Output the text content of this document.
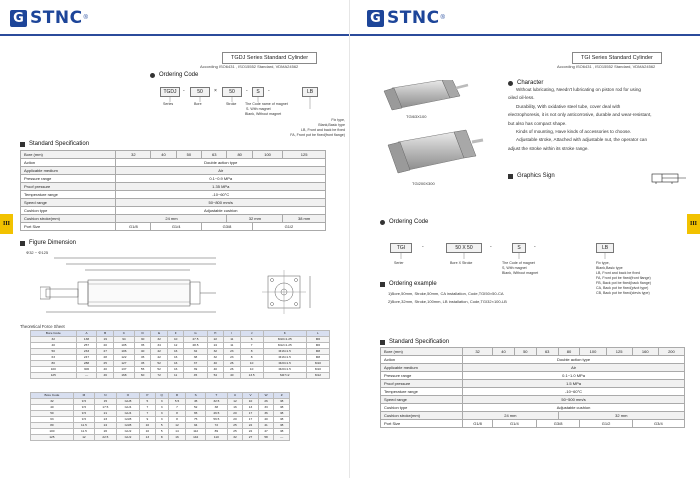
G STNC ®
TGDJ Series Standard Cylinder
According ISO6431 , ISO15552 Standard, VDMA24562
Ordering Code
TGDJ	-	50	×	50	-	S	-	LB
Series	Bore	Stroke The Code name of magnet
S. With magnet
Blank, Without magnet
Fix type,
Blank,Basic type
LB, Front and back be fixed
FA, Front pot be fixed(front flange)
Standard Specification
Bore (mm)	32	40	50	63	80	100	125
Action	Double action type						
Applicable medium	Air						
Pressure range	0.1~0.9 MPa						
Proof pressure	1.35 MPa						
Temperature range	-10~60°C						
Speed range	50~800 mm/s						
Cushion type	Adjustable cushion						
Cushion stroke(mm)	24 mm				32 mm		38 mm
Port Size	G1/8	G1/4		G3/8		G1/2	
III
Figure Dimension
Φ32 ~ Φ125
Theoretical Force Sheet
Bore Code	A	B	C	D	E	F	G	H	I	J	K	L
32	138	19	94	30	32	10	27.5	22	11	6	M10×1.25	M6
40	257	20	105	35	34	12	28.5	24	11	7	M12×1.25	M6
50	233	27	106	40	42	16	32	32	23	8	M16×1.5	M8
63	247	28	122	45	42	16	38	32	23	8	M16×1.5	M8
80	288	25	127	45	52	16	37	40	26	10	M20×1.5	M10
100	306	40	137	55	52	16	39	40	26	10	M20×1.5	M10
125	—	46	168	60	72	11	45	54	40	13.5	M27×2	M12
Bore Code	M	N	O	P	Q	R	S	T	U	V	W	Z
32	9.5	15	G1/8	5	3	5.5	45	32.5	12	10	26	38
40	9.5	17.5	G1/4	7	3	7	52	38	16	13	33	38
50	9.5	21	G1/4	7	3	8	65	46.5	20	17	36	38
63	9.5	23	G3/8	9	3	8	75	56.5	20	17	40	38
80	11.5	24	G3/8	10	5	12	94	72	25	22	41	38
100	11.5	26	G1/2	10	5	14	112	89	25	22	47	38
125	12	22.5	G1/2	13	8	16	142	110	32	27	58	—
G STNC ®
TGI Series Standard Cylinder
According ISO6431 , ISO15552 Standard, VDMA24562
TGI63X100
TGI200X300
Character
Without lubricating, Needn't lubricating on piston rod for using
oiled oil-less.
Durability, With oxidative steel tube, cover deal with
electrophoresis, it is not only anticorrosive, durable and wear-resistant,
but also has compact shape.
Kinds of mounting, Have kinds of accessories to choose.
Adjustable stroke, Attached with adjustable nut, the operator can
adjust the stroke within its stroke range.
Graphics Sign
III
Ordering Code
TGI	-	50 X 50	-	S	-	LB
Serier	Bore X Stroke	The Code of magnet
S, With magnet
Blank, Without magnet
Fix type,
Blank,Basic type
LB, Front and back be fixed
FA, Front pot be fixed(front flange)
FB, Back pot be fixed(back flange)
CA, Back pot be fixed(pivot type)
CB, Back pot be fixed(clevis type)
Ordering example
1)Bore,50mm, Stroke,50mm, CA installation, Code,TGI50×50-CA
2)Bore,32mm, Stroke,100mm, LB installation, Code,TGI32×100-LB
Standard Specification
Bore (mm)	32	40	50	63	80	100	125	160	200
Action	Double action type								
Applicable medium	Air								
Pressure range	0.1~1.0 MPa								
Proof pressure	1.5 MPa								
Temperature range	-10~60°C								
Speed range	50~500 mm/s								
Cushion type	Adjustable cushion								
Cushion stroke(mm)	24 mm				32 mm				
Port Size	G1/8	G1/4		G3/8		G1/2		G3/4	
